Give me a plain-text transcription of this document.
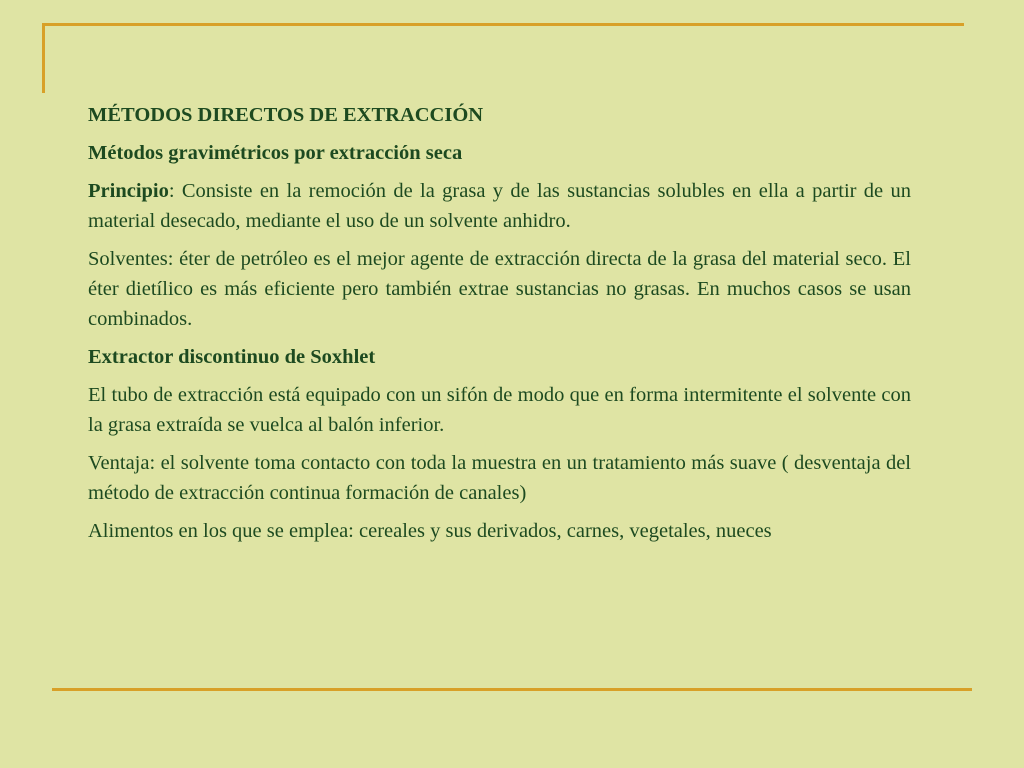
MÉTODOS DIRECTOS DE EXTRACCIÓN

Métodos gravimétricos por extracción seca

Principio: Consiste en la remoción de la grasa y de las sustancias solubles en ella a partir de un material desecado, mediante el uso de un solvente anhidro.

Solventes: éter de petróleo es el mejor agente de extracción directa de la grasa del material seco. El éter dietílico es más eficiente pero también extrae sustancias no grasas. En muchos casos se usan combinados.

Extractor discontinuo de Soxhlet

El tubo de extracción está equipado con un sifón de modo que en forma intermitente el solvente con la grasa extraída se vuelca al balón inferior.

Ventaja: el solvente toma contacto con toda la muestra en un tratamiento más suave ( desventaja del método de extracción continua formación de canales)

Alimentos en los que se emplea: cereales y sus derivados, carnes, vegetales, nueces
